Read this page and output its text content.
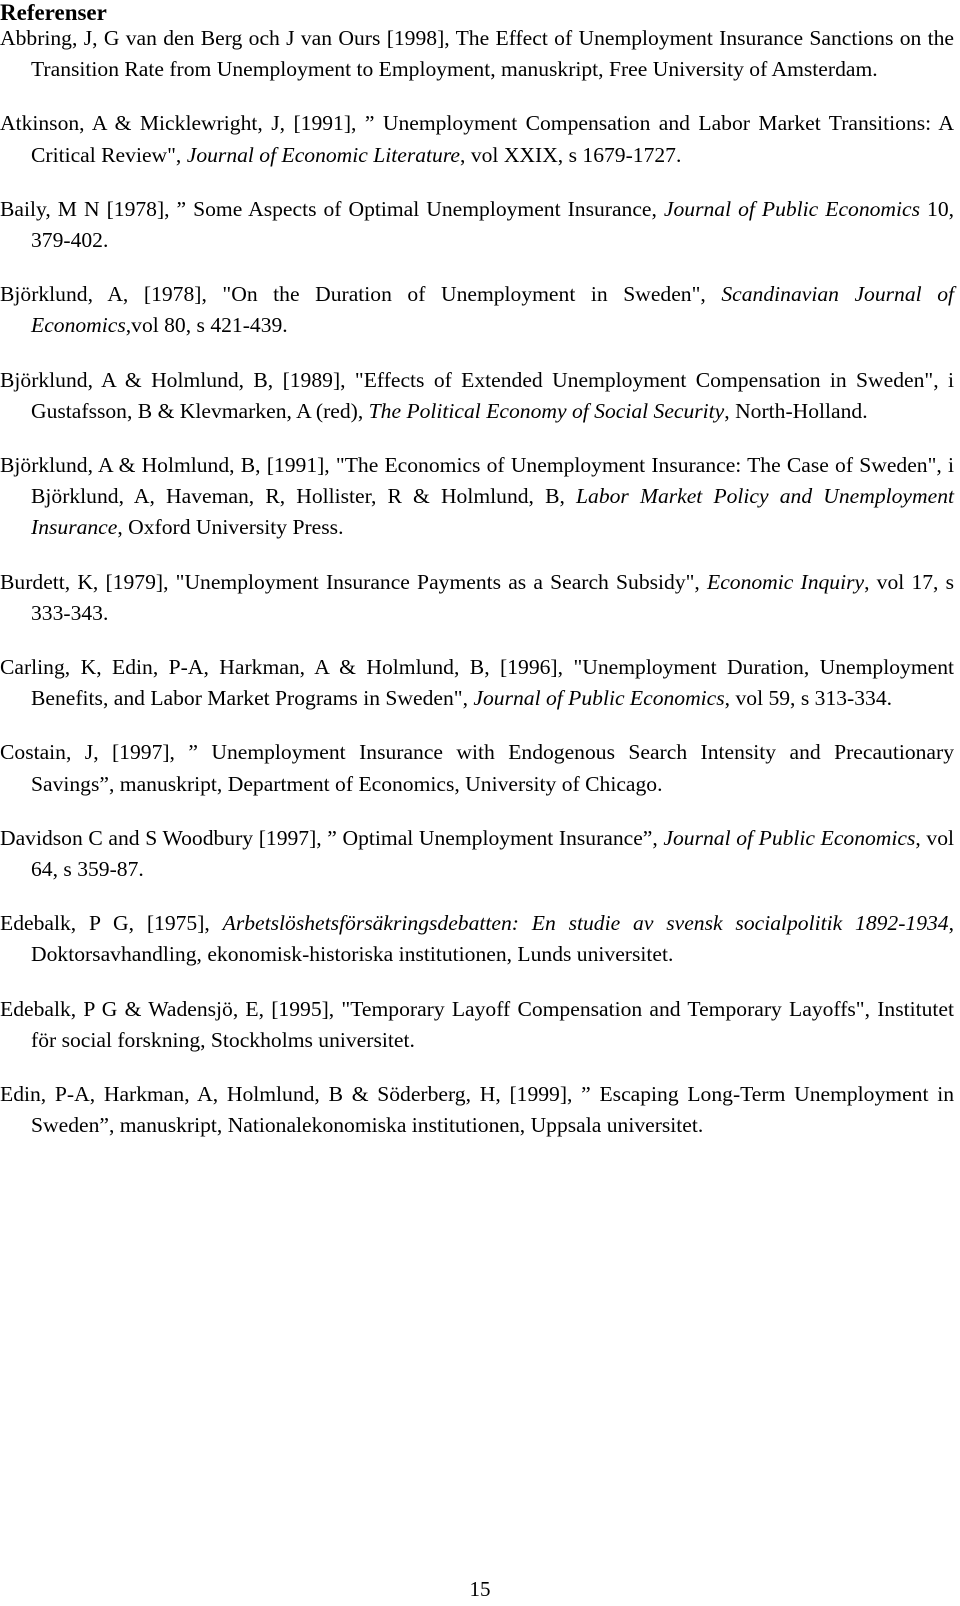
Referenser

Abbring, J, G van den Berg och J van Ours [1998], The Effect of Unemployment Insurance Sanctions on the Transition Rate from Unemployment to Employment, manuskript, Free University of Amsterdam.

Atkinson, A & Micklewright, J, [1991], ” Unemployment Compensation and Labor Market Transitions: A Critical Review", Journal of Economic Literature, vol XXIX, s 1679-1727.

Baily, M N [1978], ” Some Aspects of Optimal Unemployment Insurance, Journal of Public Economics 10, 379-402.

Björklund, A, [1978], "On the Duration of Unemployment in Sweden", Scandinavian Journal of Economics,vol 80, s 421-439.

Björklund, A & Holmlund, B, [1989], "Effects of Extended Unemployment Compensation in Sweden", i Gustafsson, B & Klevmarken, A (red), The Political Economy of Social Security, North-Holland.

Björklund, A & Holmlund, B, [1991], "The Economics of Unemployment Insurance: The Case of Sweden", i Björklund, A, Haveman, R, Hollister, R & Holmlund, B, Labor Market Policy and Unemployment Insurance, Oxford University Press.

Burdett, K, [1979], "Unemployment Insurance Payments as a Search Subsidy", Economic Inquiry, vol 17, s 333-343.

Carling, K, Edin, P-A, Harkman, A & Holmlund, B, [1996], "Unemployment Duration, Unemployment Benefits, and Labor Market Programs in Sweden", Journal of Public Economics, vol 59, s 313-334.

Costain, J, [1997], ” Unemployment Insurance with Endogenous Search Intensity and Precautionary Savings”, manuskript, Department of Economics, University of Chicago.

Davidson C and S Woodbury [1997], ” Optimal Unemployment Insurance”, Journal of Public Economics, vol 64, s 359-87.

Edebalk, P G, [1975], Arbetslöshetsförsäkringsdebatten: En studie av svensk socialpolitik 1892-1934, Doktorsavhandling, ekonomisk-historiska institutionen, Lunds universitet.

Edebalk, P G & Wadensjö, E, [1995], "Temporary Layoff Compensation and Temporary Layoffs", Institutet för social forskning, Stockholms universitet.

Edin, P-A, Harkman, A, Holmlund, B & Söderberg, H, [1999], ” Escaping Long-Term Unemployment in Sweden”, manuskript, Nationalekonomiska institutionen, Uppsala universitet.

15
